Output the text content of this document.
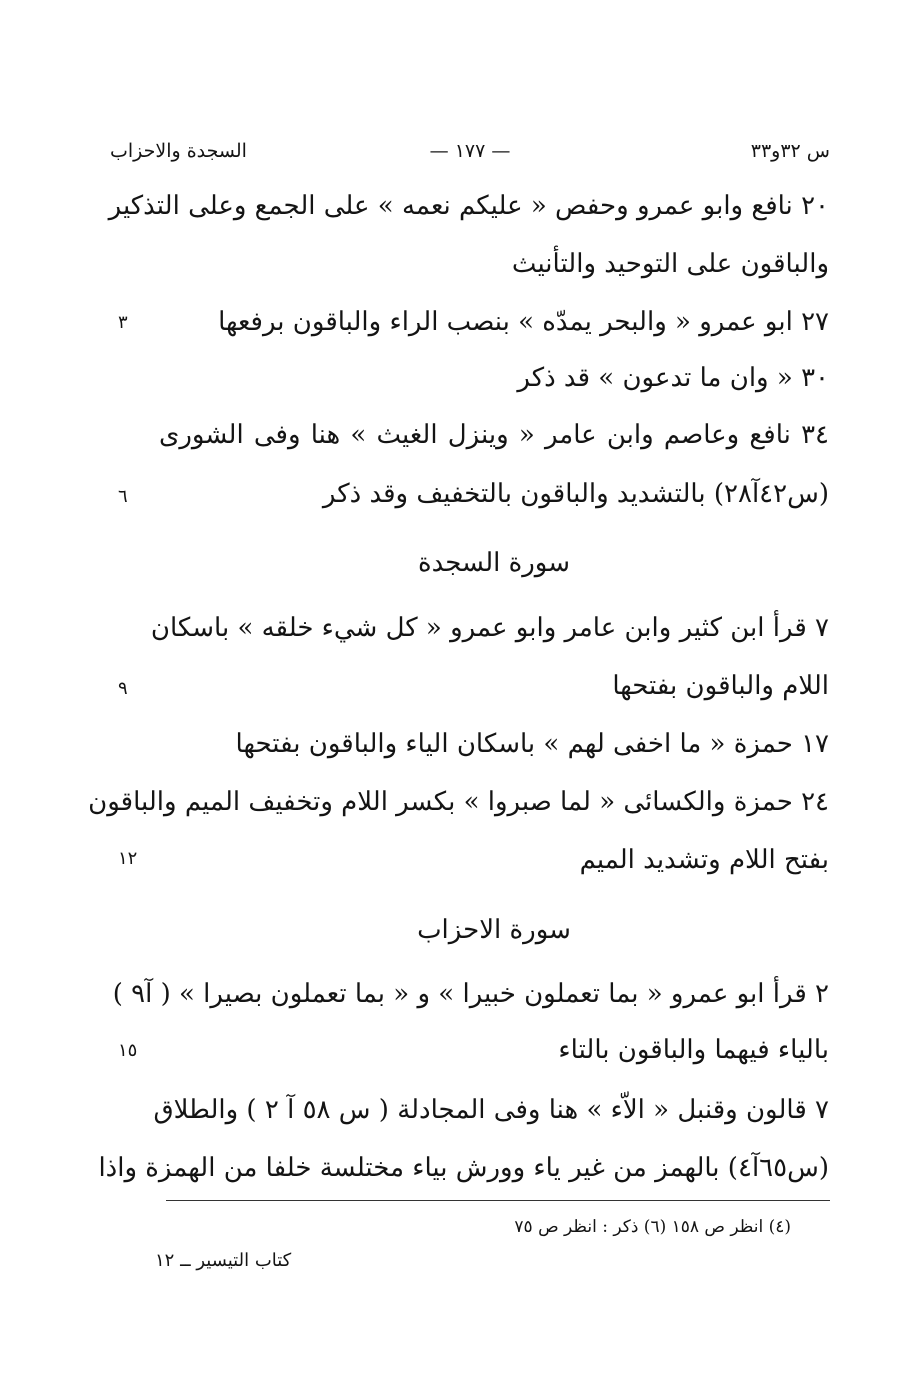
س ٣٢و٣٣
— ١٧٧ —
السجدة والاحزاب
٢٠ نافع وابو عمرو وحفص « عليكم نعمه » على الجمع وعلى التذكير
والباقون على التوحيد والتأنيث
٢٧ ابو عمرو « والبحر يمدّه » بنصب الراء والباقون برفعها
٣٠ « وان ما تدعون » قد ذكر
٣٤ نافع وعاصم وابن عامر « وينزل الغيث » هنا وفى الشورى
(س٤٢آ٢٨) بالتشديد والباقون بالتخفيف وقد ذكر
سورة السجدة
٧ قرأ ابن كثير وابن عامر وابو عمرو « كل شيء خلقه » باسكان
اللام والباقون بفتحها
١٧ حمزة « ما اخفى لهم » باسكان الياء والباقون بفتحها
٢٤ حمزة والكسائى « لما صبروا » بكسر اللام وتخفيف الميم والباقون
بفتح اللام وتشديد الميم
سورة الاحزاب
٢ قرأ ابو عمرو « بما تعملون خبيرا » و « بما تعملون بصيرا » ( آ٩ )
بالياء فيهما والباقون بالتاء
٧ قالون وقنبل « الاّء » هنا وفى المجادلة ( س ٥٨ آ ٢ ) والطلاق
(س٦٥آ٤) بالهمز من غير ياء وورش بياء مختلسة خلفا من الهمزة واذا
٣
٦
٩
١٢
١٥
(٤) انظر ص ١٥٨ (٦) ذكر : انظر ص ٧٥
كتاب التيسير ــ ١٢
